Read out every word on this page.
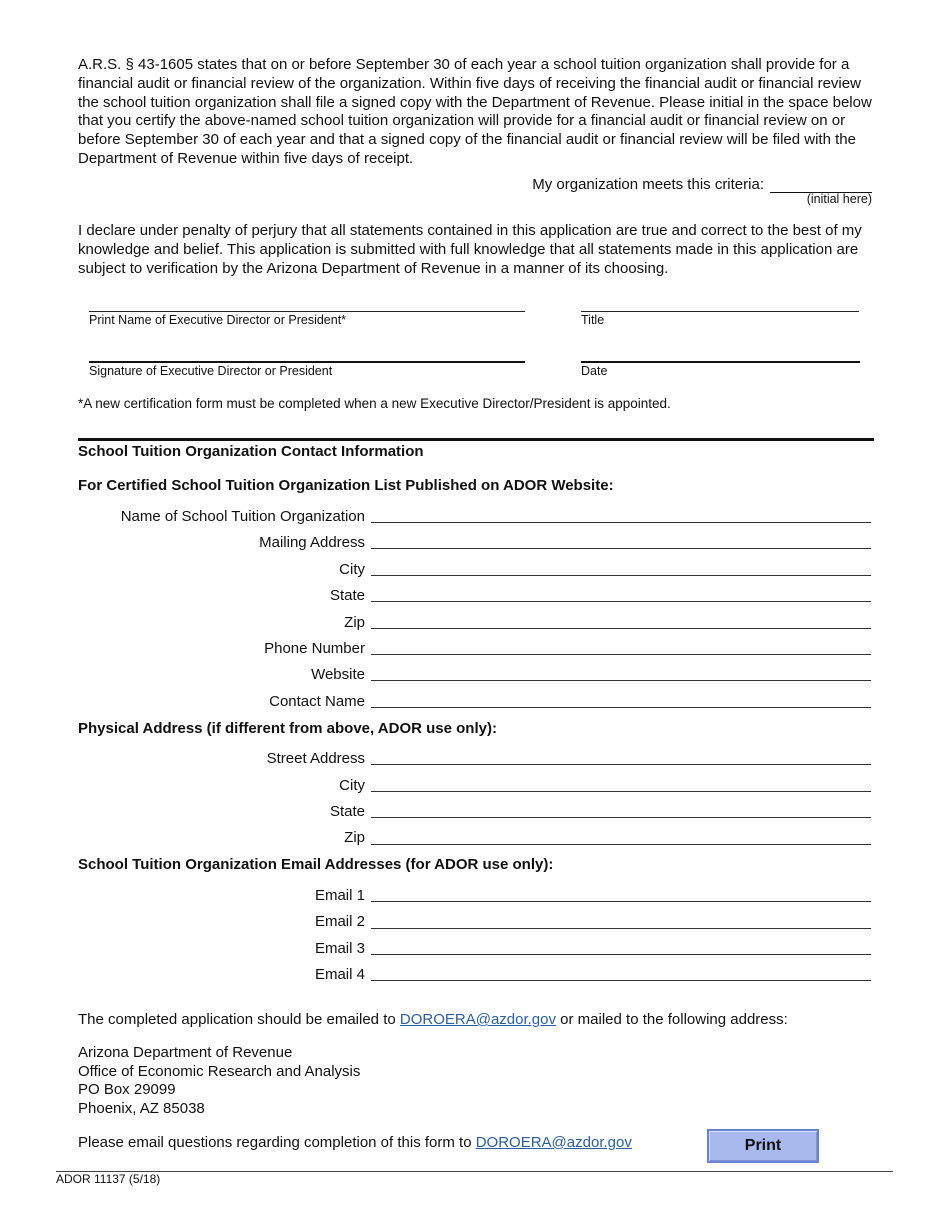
A.R.S. § 43-1605 states that on or before September 30 of each year a school tuition organization shall provide for a financial audit or financial review of the organization. Within five days of receiving the financial audit or financial review the school tuition organization shall file a signed copy with the Department of Revenue. Please initial in the space below that you certify the above-named school tuition organization will provide for a financial audit or financial review on or before September 30 of each year and that a signed copy of the financial audit or financial review will be filed with the Department of Revenue within five days of receipt.

My organization meets this criteria:
(initial here)

I declare under penalty of perjury that all statements contained in this application are true and correct to the best of my knowledge and belief. This application is submitted with full knowledge that all statements made in this application are subject to verification by the Arizona Department of Revenue in a manner of its choosing.

Print Name of Executive Director or President*	Title
Signature of Executive Director or President	Date
*A new certification form must be completed when a new Executive Director/President is appointed.
School Tuition Organization Contact Information
For Certified School Tuition Organization List Published on ADOR Website:
Name of School Tuition Organization
Mailing Address
City
State
Zip
Phone Number
Website
Contact Name
Physical Address (if different from above, ADOR use only):
Street Address
City
State
Zip
School Tuition Organization Email Addresses (for ADOR use only):
Email 1
Email 2
Email 3
Email 4
The completed application should be emailed to DOROERA@azdor.gov or mailed to the following address:
Arizona Department of Revenue
Office of Economic Research and Analysis
PO Box 29099
Phoenix, AZ 85038
Please email questions regarding completion of this form to DOROERA@azdor.gov	Print
ADOR 11137 (5/18)
